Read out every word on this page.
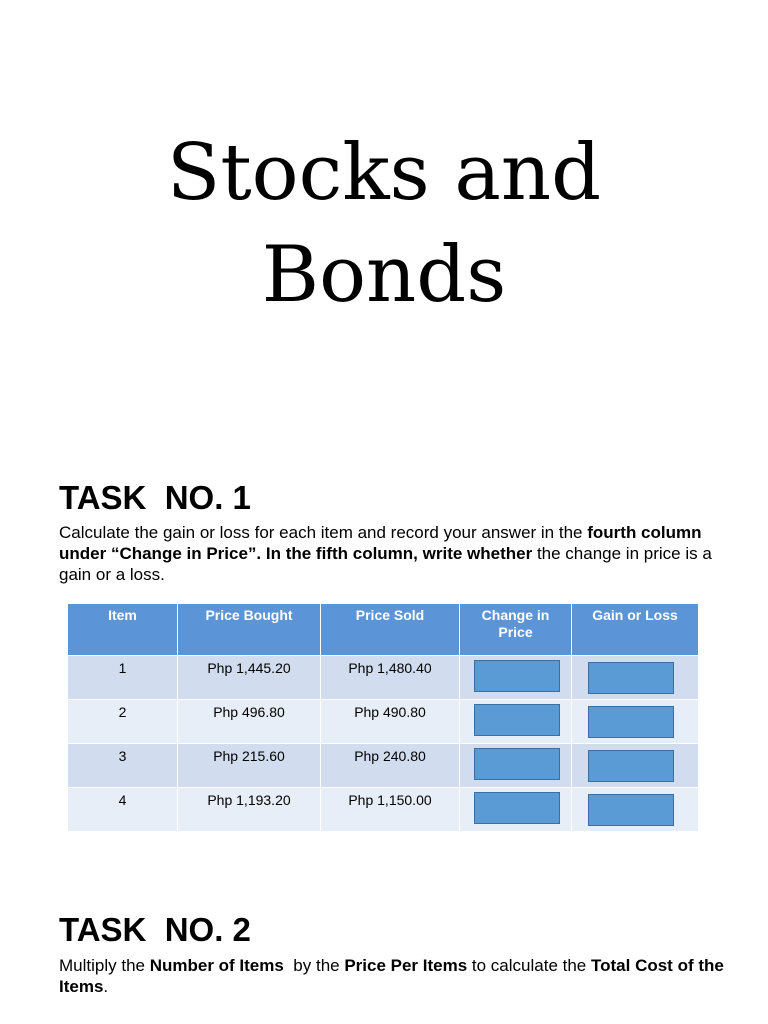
Stocks and
Bonds
TASK  NO. 1

Calculate the gain or loss for each item and record your answer in the fourth column under “Change in Price”. In the fifth column, write whether the change in price is a gain or a loss.

Item	Price Bought	Price Sold	Change in Price	Gain or Loss
1	Php 1,445.20	Php 1,480.40	

2	Php 496.80	Php 490.80	

3	Php 215.60	Php 240.80	

4	Php 1,193.20	Php 1,150.00	

TASK  NO. 2

Multiply the Number of Items  by the Price Per Items to calculate the Total Cost of the Items.
